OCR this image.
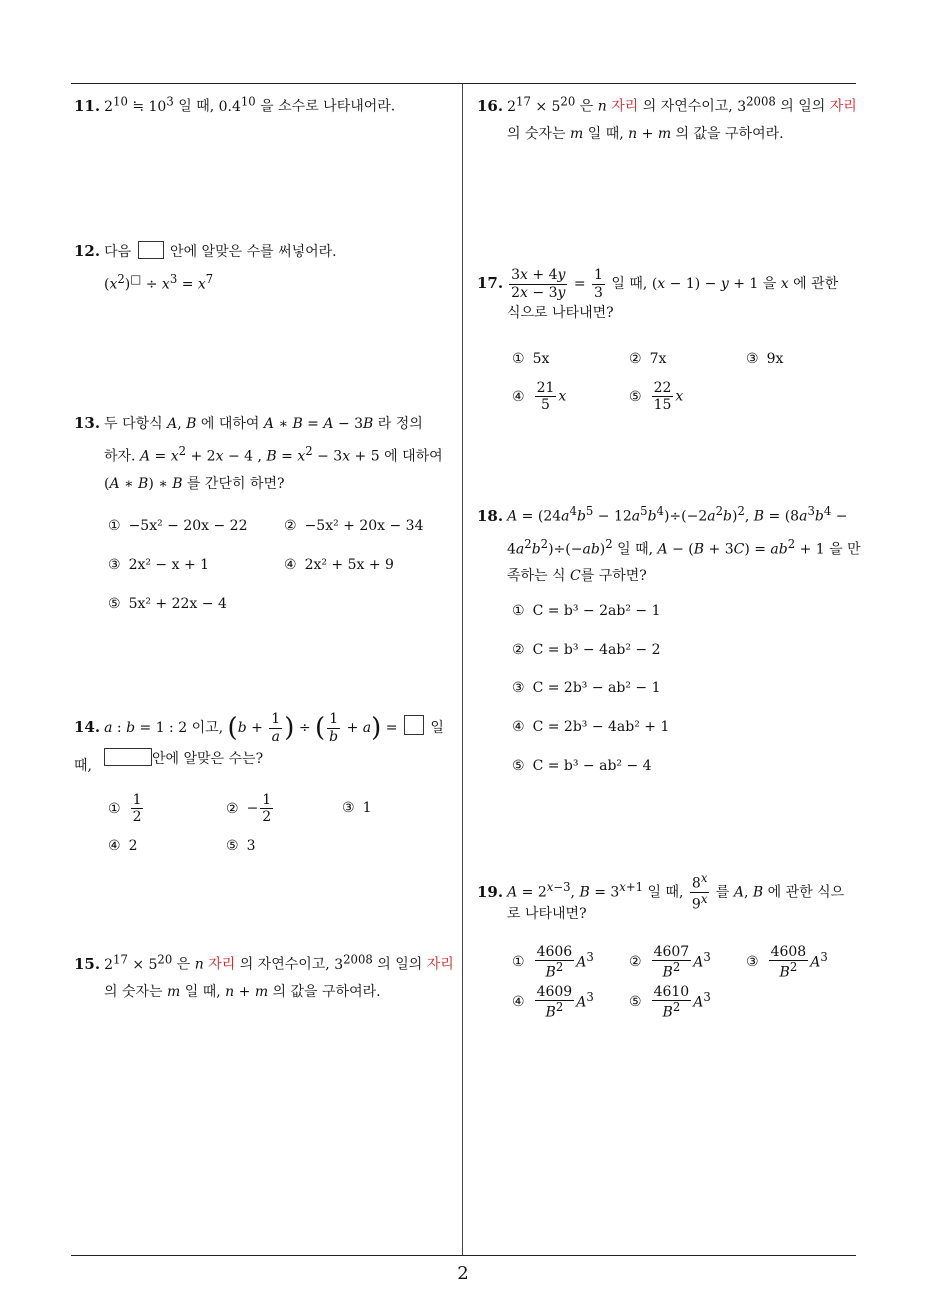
11. $2^{10}$ ≒ $10^3$ 일 때, $0.4^{10}$ 을 소수로 나타내어라.
12. 다음  안에 알맞은 수를 써넣어라.
$(x^2)^□ \div x^3 = x^7$
13. 두 다항식 A, B 에 대하여 A ∗ B = A − 3B 라 정의
하자. $A = x^2 + 2x - 4$ , $B = x^2 - 3x + 5$ 에 대하여
(A ∗ B) ∗ B 를 간단히 하면?
① −5x² − 20x − 22	② −5x² + 20x − 34
③ 2x² − x + 1	④ 2x² + 5x + 9
⑤ 5x² + 22x − 4
14. a : b = 1 : 2 이고, ($b + \frac{1}{a}$ ) ÷ ( $\frac{1}{b} + a$) =  일 때,	안에 알맞은 수는?
① $\frac{1}{2}$	② − $\frac{1}{2}$	③ 1
④ 2	⑤ 3
15. $2^{17} \times 5^{20}$ 은 n 자리 의 자연수이고, $3^{2008}$ 의 일의 자리
의 숫자는 m 일 때, n + m 의 값을 구하여라.
16. $2^{17} \times 5^{20}$ 은 n 자리 의 자연수이고, $3^{2008}$ 의 일의 자리
의 숫자는 m 일 때, n + m 의 값을 구하여라.
17. $\frac{3x + 4y}{2x - 3y} = \frac{1}{3}$ 일 때, (x − 1) − y + 1 을 x 에 관한
식으로 나타내면?
① 5x	② 7x	③ 9x
④ $\frac{21}{5}$ x	⑤ $\frac{22}{15}$ x
18. $A = (24a^4b^5 - 12a^5b^4)\div(-2a^2b)^2$, $B = (8a^3b^4$ −
$4a^2b^2)\div(-ab)^2$ 일 때, $A - (B + 3C) = ab^2 + 1$ 을 만
족하는 식 C를 구하면?
① C = b³ − 2ab² − 1
② C = b³ − 4ab² − 2
③ C = 2b³ − ab² − 1
④ C = 2b³ − 4ab² + 1
⑤ C = b³ − ab² − 4
19. $A = 2^{x-3}$, $B = 3^{x+1}$ 일 때, $\frac{8^x}{9^x}$ 를 A, B 에 관한 식으
로 나타내면?
① $\frac{4606}{B^2} A^3$	② $\frac{4607}{B^2} A^3$	③ $\frac{4608}{B^2} A^3$
④ $\frac{4609}{B^2} A^3$	⑤ $\frac{4610}{B^2} A^3$
2
